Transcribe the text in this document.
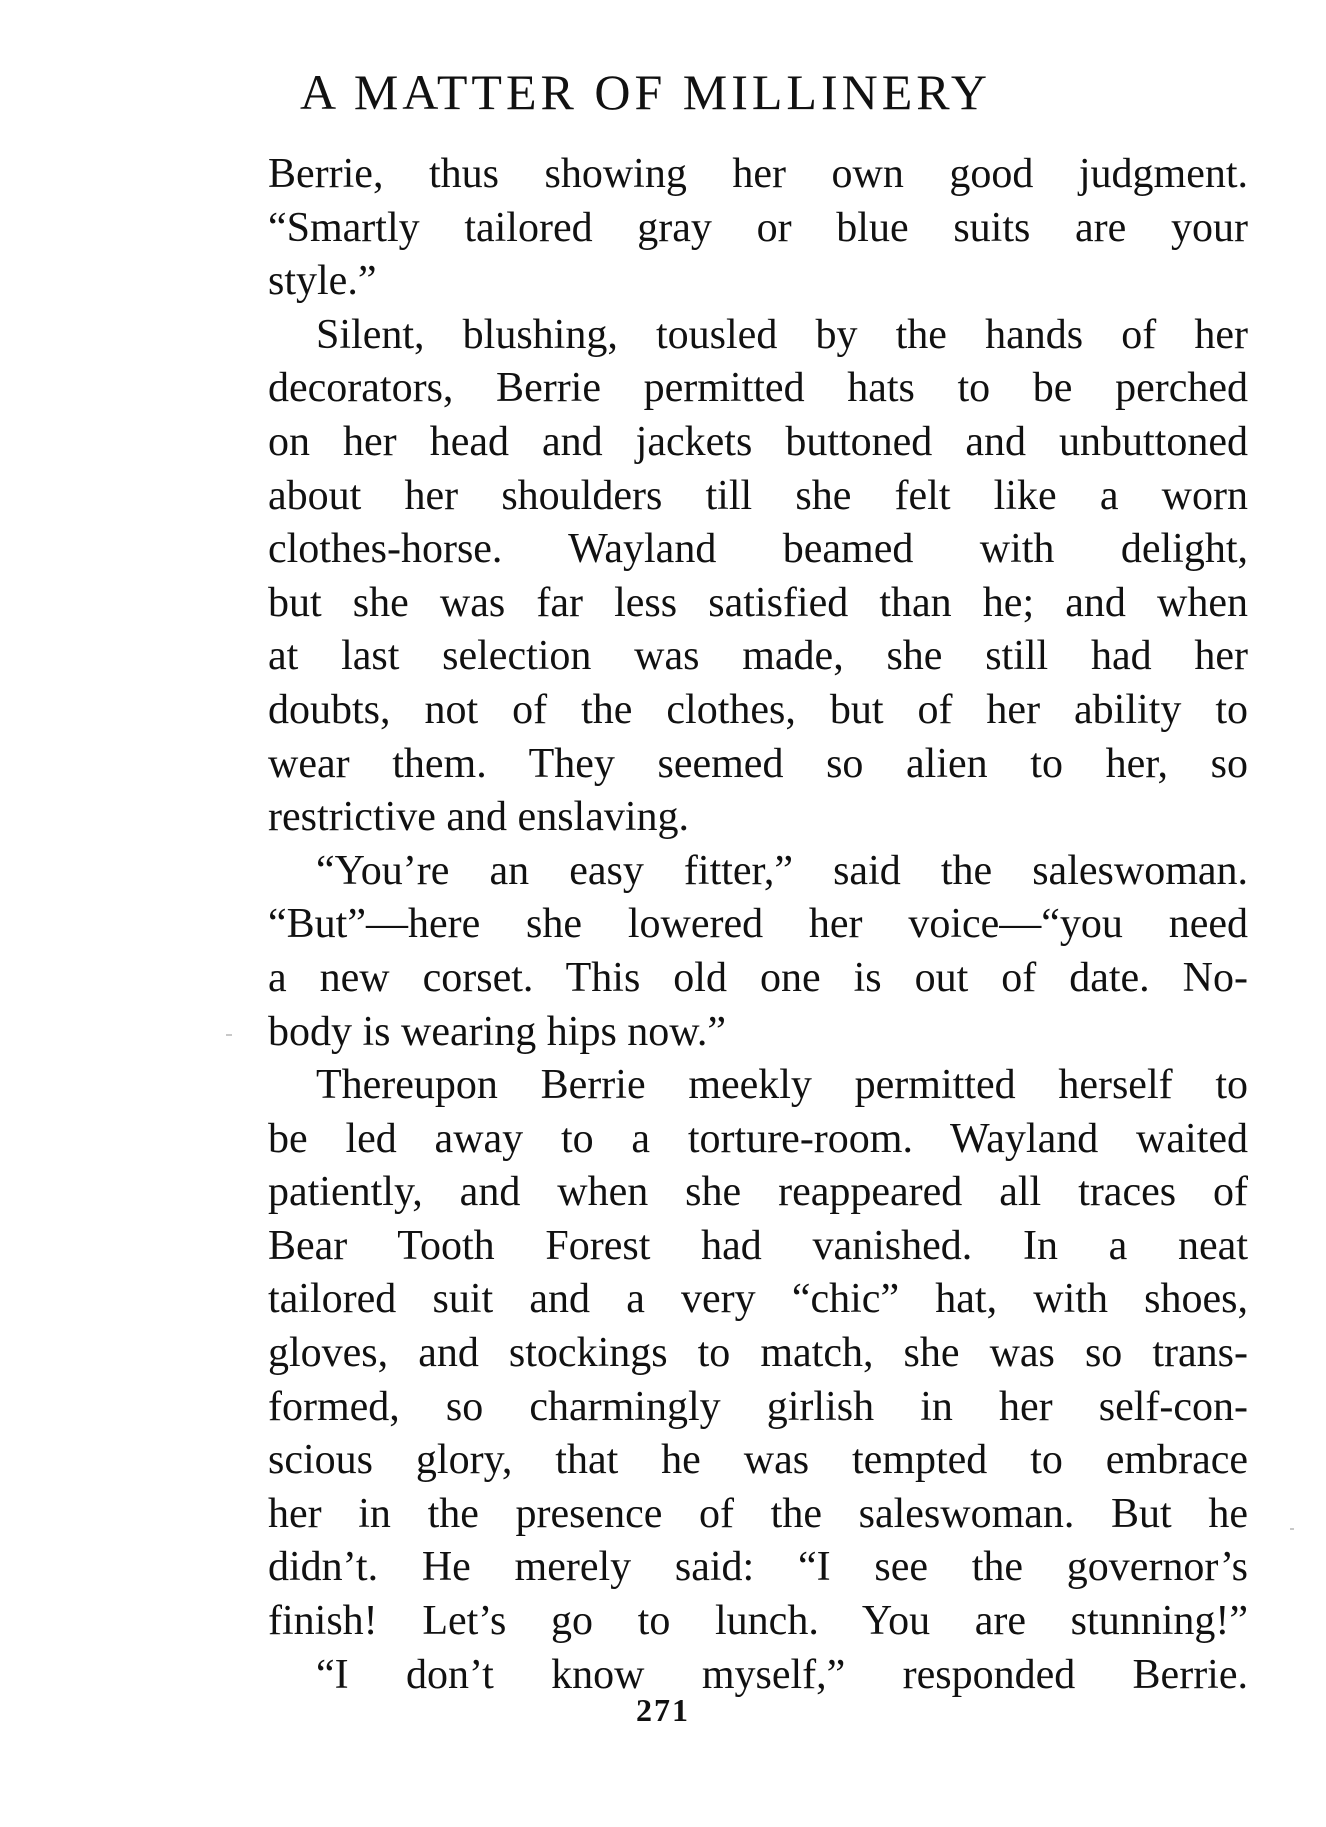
A MATTER OF MILLINERY
Berrie, thus showing her own good judgment.
“Smartly tailored gray or blue suits are your
style.”
Silent, blushing, tousled by the hands of her
decorators, Berrie permitted hats to be perched
on her head and jackets buttoned and unbuttoned
about her shoulders till she felt like a worn
clothes-horse. Wayland beamed with delight,
but she was far less satisfied than he; and when
at last selection was made, she still had her
doubts, not of the clothes, but of her ability to
wear them. They seemed so alien to her, so
restrictive and enslaving.
“You’re an easy fitter,” said the saleswoman.
“But”—here she lowered her voice—“you need
a new corset. This old one is out of date. No-
body is wearing hips now.”
Thereupon Berrie meekly permitted herself to
be led away to a torture-room. Wayland waited
patiently, and when she reappeared all traces of
Bear Tooth Forest had vanished. In a neat
tailored suit and a very “chic” hat, with shoes,
gloves, and stockings to match, she was so trans-
formed, so charmingly girlish in her self-con-
scious glory, that he was tempted to embrace
her in the presence of the saleswoman. But he
didn’t. He merely said: “I see the governor’s
finish! Let’s go to lunch. You are stunning!”
“I don’t know myself,” responded Berrie.
271
